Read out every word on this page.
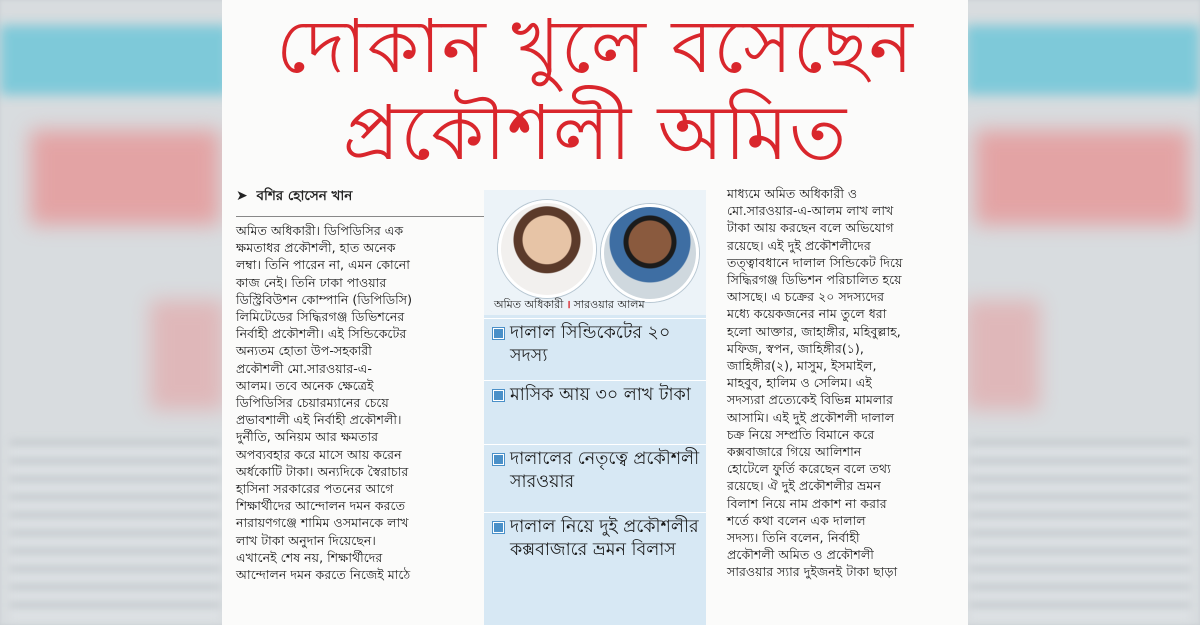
দোকান খুলে বসেছেন
প্রকৌশলী অমিত
➤ বশির হোসেন খান
অমিত অধিকারী। ডিপিডিসির এক
ক্ষমতাধর প্রকৌশলী, হাত অনেক
লম্বা। তিনি পারেন না, এমন কোনো
কাজ নেই। তিনি ঢাকা পাওয়ার
ডিস্ট্রিবিউশন কোম্পানি (ডিপিডিসি)
লিমিটেডের সিদ্ধিরগঞ্জ ডিভিশনের
নির্বাহী প্রকৌশলী। এই সিন্ডিকেটের
অন্যতম হোতা উপ-সহকারী
প্রকৌশলী মো.সারওয়ার-এ-
আলম। তবে অনেক ক্ষেত্রেই
ডিপিডিসির চেয়ারম্যানের চেয়ে
প্রভাবশালী এই নির্বাহী প্রকৌশলী।
দুর্নীতি, অনিয়ম আর ক্ষমতার
অপব্যবহার করে মাসে আয় করেন
অর্ধকোটি টাকা। অন্যদিকে স্বৈরাচার
হাসিনা সরকারের পতনের আগে
শিক্ষার্থীদের আন্দোলন দমন করতে
নারায়ণগঞ্জে শামিম ওসমানকে লাখ
লাখ টাকা অনুদান দিয়েছেন।
এখানেই শেষ নয়, শিক্ষার্থীদের
আন্দোলন দমন করতে নিজেই মাঠে
অমিত অধিকারী । সারওয়ার আলম
দালাল সিন্ডিকেটের ২০ সদস্য
মাসিক আয় ৩০ লাখ টাকা
দালালের নেতৃত্বে প্রকৌশলী সারওয়ার
দালাল নিয়ে দুই প্রকৌশলীর কক্সবাজারে ভ্রমন বিলাস
মাধ্যমে অমিত অধিকারী ও
মো.সারওয়ার-এ-আলম লাখ লাখ
টাকা আয় করছেন বলে অভিযোগ
রয়েছে। এই দুই প্রকৌশলীদের
তত্ত্বাবধানে দালাল সিন্ডিকেট দিয়ে
সিদ্ধিরগঞ্জ ডিভিশন পরিচালিত হয়ে
আসছে। এ চক্রের ২০ সদস্যদের
মধ্যে কয়েকজনের নাম তুলে ধরা
হলো আক্তার, জাহাঙ্গীর, মহিবুল্লাহ,
মফিজ, স্বপন, জাহিঙ্গীর(১),
জাহিঙ্গীর(২), মাসুম, ইসমাইল,
মাহবুব, হালিম ও সেলিম। এই
সদস্যরা প্রত্যেকেই বিভিন্ন মামলার
আসামি। এই দুই প্রকৌশলী দালাল
চক্র নিয়ে সম্প্রতি বিমানে করে
কক্সবাজারে গিয়ে আলিশান
হোটেলে ফুর্তি করেছেন বলে তথ্য
রয়েছে। ঐ দুই প্রকৌশলীর ভ্রমন
বিলাশ নিয়ে নাম প্রকাশ না করার
শর্তে কথা বলেন এক দালাল
সদস্য। তিনি বলেন, নির্বাহী
প্রকৌশলী অমিত ও প্রকৌশলী
সারওয়ার স্যার দুইজনই টাকা ছাড়া
